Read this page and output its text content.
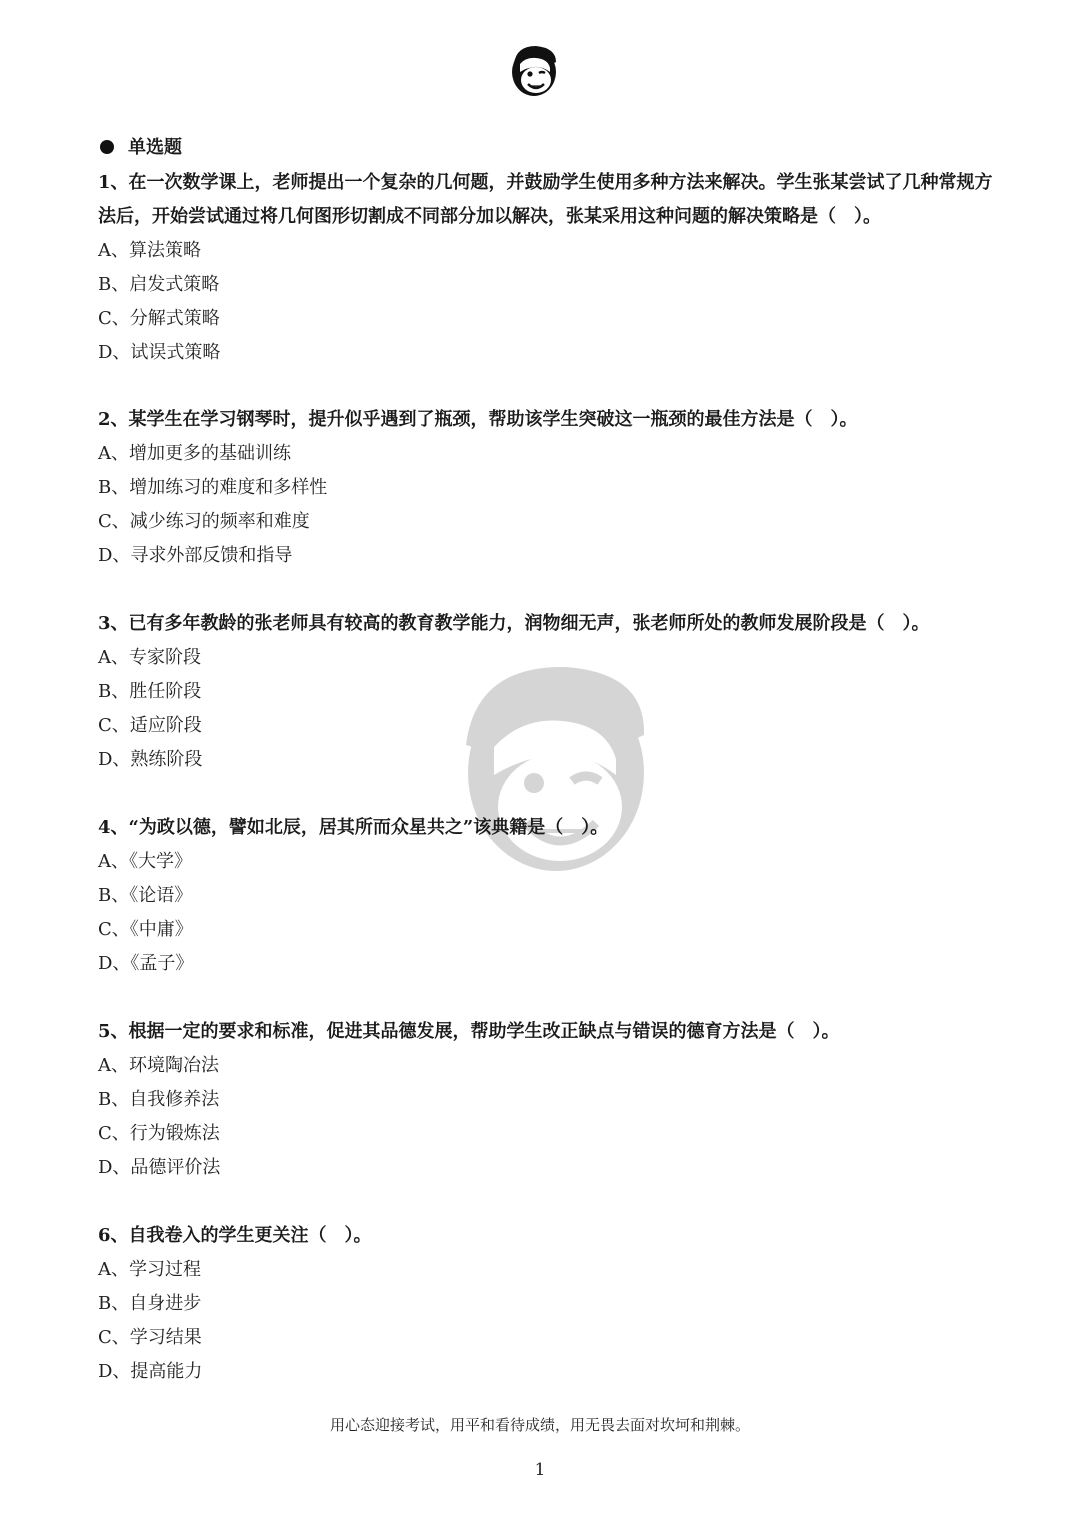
单选题

1、在一次数学课上，老师提出一个复杂的几何题，并鼓励学生使用多种方法来解决。学生张某尝试了几种常规方法后，开始尝试通过将几何图形切割成不同部分加以解决，张某采用这种问题的解决策略是（　）。

A、算法策略

B、启发式策略

C、分解式策略

D、试误式策略

2、某学生在学习钢琴时，提升似乎遇到了瓶颈，帮助该学生突破这一瓶颈的最佳方法是（　）。

A、增加更多的基础训练

B、增加练习的难度和多样性

C、减少练习的频率和难度

D、寻求外部反馈和指导

3、已有多年教龄的张老师具有较高的教育教学能力，润物细无声，张老师所处的教师发展阶段是（　）。

A、专家阶段

B、胜任阶段

C、适应阶段

D、熟练阶段

4、“为政以德，譬如北辰，居其所而众星共之”该典籍是（　）。

A、《大学》

B、《论语》

C、《中庸》

D、《孟子》

5、根据一定的要求和标准，促进其品德发展，帮助学生改正缺点与错误的德育方法是（　）。

A、环境陶冶法

B、自我修养法

C、行为锻炼法

D、品德评价法

6、自我卷入的学生更关注（　）。

A、学习过程

B、自身进步

C、学习结果

D、提高能力

用心态迎接考试，用平和看待成绩，用无畏去面对坎坷和荆棘。
1
